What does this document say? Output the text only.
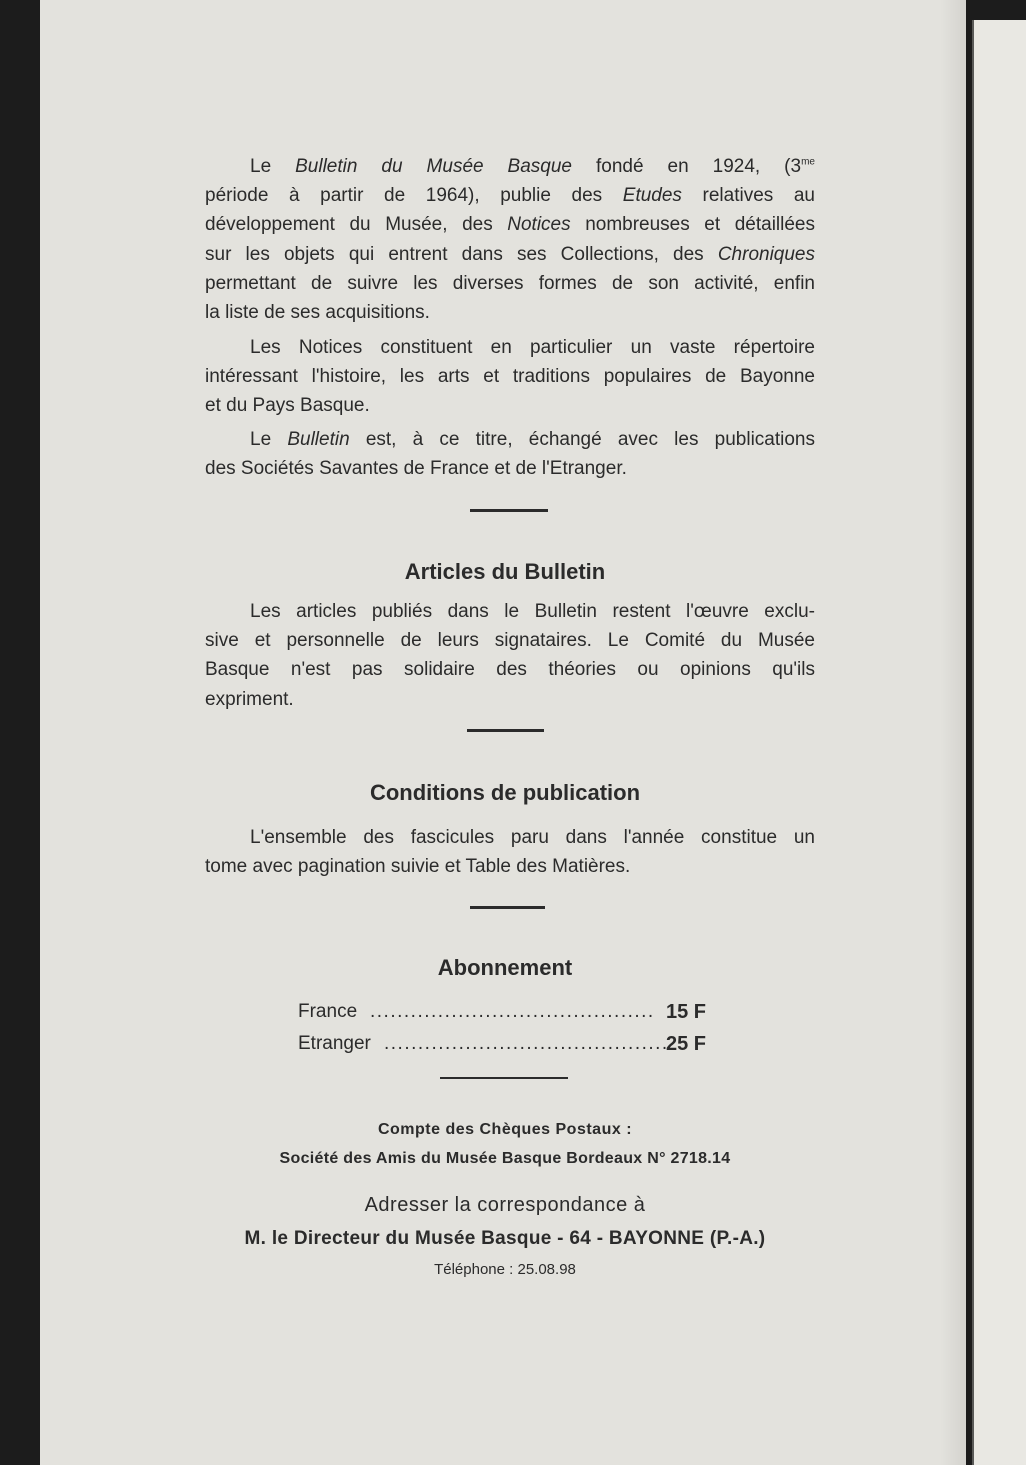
Le Bulletin du Musée Basque fondé en 1924, ($3^{me}$
période à partir de 1964), publie des Etudes relatives au
développement du Musée, des Notices nombreuses et détaillées
sur les objets qui entrent dans ses Collections, des Chroniques
permettant de suivre les diverses formes de son activité, enfin
la liste de ses acquisitions.
Les Notices constituent en particulier un vaste répertoire
intéressant l'histoire, les arts et traditions populaires de Bayonne
et du Pays Basque.
Le Bulletin est, à ce titre, échangé avec les publications
des Sociétés Savantes de France et de l'Etranger.
Les articles publiés dans le Bulletin restent l'œuvre exclu-
sive et personnelle de leurs signataires. Le Comité du Musée
Basque n'est pas solidaire des théories ou opinions qu'ils
expriment.
L'ensemble des fascicules paru dans l'année constitue un
tome avec pagination suivie et Table des Matières.
Articles du Bulletin
Conditions de publication
Abonnement
France .......................................... 15 F
Etranger ..........................................
25 F
Compte des Chèques Postaux :
Société des Amis du Musée Basque Bordeaux N° 2718.14
Adresser la correspondance à
M. le Directeur du Musée Basque - 64 - BAYONNE (P.-A.)
Téléphone : 25.08.98
